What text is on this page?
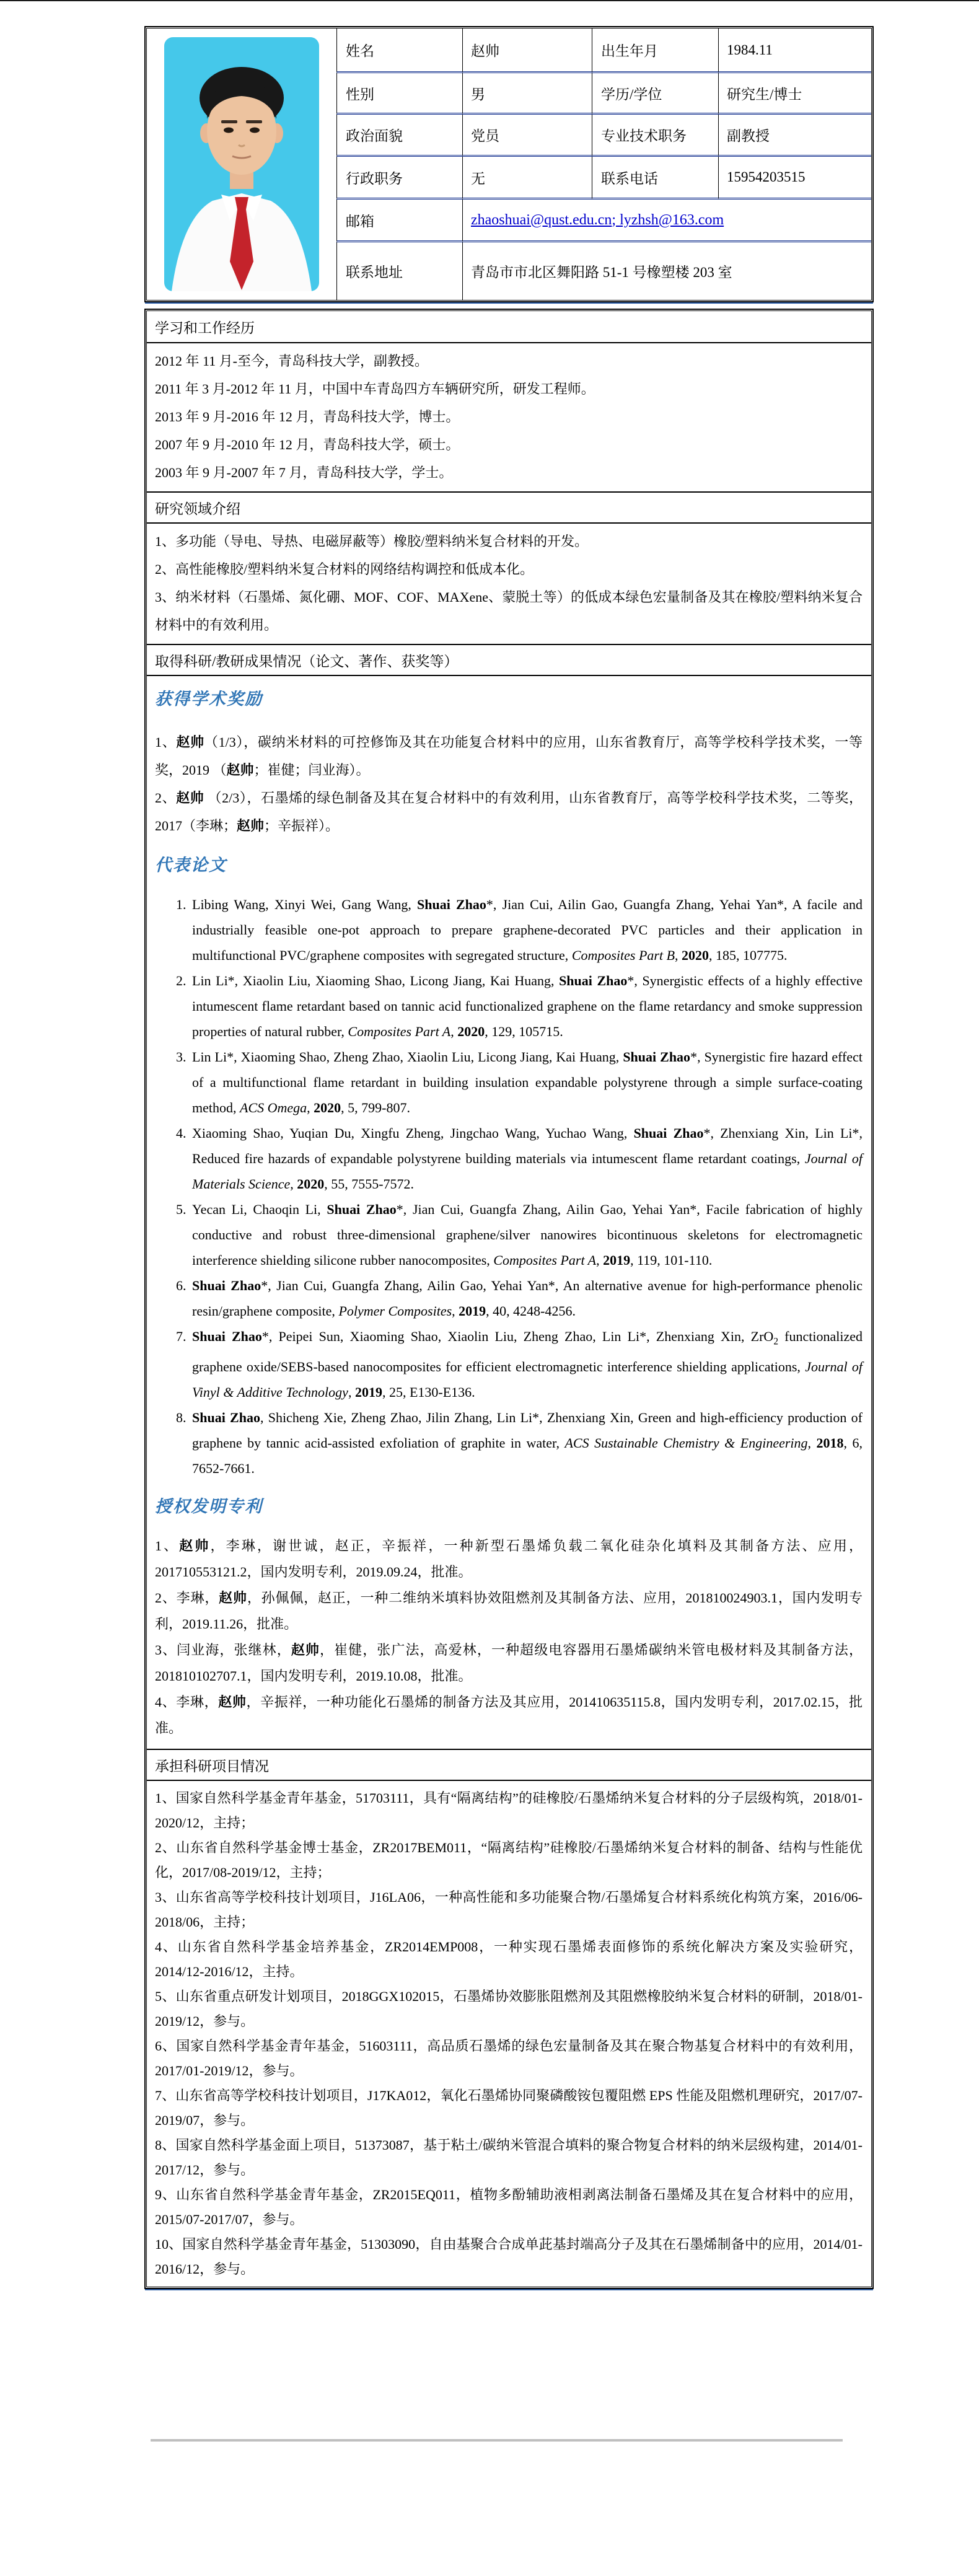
姓名	赵帅	出生年月	1984.11
性别	男	学历/学位	研究生/博士
政治面貌	党员	专业技术职务	副教授
行政职务	无	联系电话	15954203515
邮箱	zhaoshuai@qust.edu.cn ; lyzhsh@163.com
联系地址	青岛市市北区舞阳路 51-1 号橡塑楼 203 室
学习和工作经历
2012 年 11 月-至今，青岛科技大学，副教授。
2011 年 3 月-2012 年 11 月，中国中车青岛四方车辆研究所，研发工程师。
2013 年 9 月-2016 年 12 月，青岛科技大学，博士。
2007 年 9 月-2010 年 12 月，青岛科技大学，硕士。
2003 年 9 月-2007 年 7 月，青岛科技大学，学士。
研究领域介绍
1、多功能（导电、导热、电磁屏蔽等）橡胶/塑料纳米复合材料的开发。
2、高性能橡胶/塑料纳米复合材料的网络结构调控和低成本化。
3、纳米材料（石墨烯、氮化硼、MOF、COF、MAXene、蒙脱土等）的低成本绿色宏量制备及其在橡胶/塑料纳米复合材料中的有效利用。
取得科研/教研成果情况（论文、著作、获奖等）
获得学术奖励
1、赵帅（1/3），碳纳米材料的可控修饰及其在功能复合材料中的应用，山东省教育厅，高等学校科学技术奖，一等奖，2019 （赵帅；崔健；闫业海）。
2、赵帅 （2/3），石墨烯的绿色制备及其在复合材料中的有效利用，山东省教育厅，高等学校科学技术奖，二等奖，2017（李琳；赵帅；辛振祥）。
代表论文
1. Libing Wang, Xinyi Wei, Gang Wang, Shuai Zhao*, Jian Cui, Ailin Gao, Guangfa Zhang, Yehai Yan*, A facile and industrially feasible one-pot approach to prepare graphene-decorated PVC particles and their application in multifunctional PVC/graphene composites with segregated structure, Composites Part B, 2020, 185, 107775.
2. Lin Li*, Xiaolin Liu, Xiaoming Shao, Licong Jiang, Kai Huang, Shuai Zhao*, Synergistic effects of a highly effective intumescent flame retardant based on tannic acid functionalized graphene on the flame retardancy and smoke suppression properties of natural rubber, Composites Part A, 2020, 129, 105715.
3. Lin Li*, Xiaoming Shao, Zheng Zhao, Xiaolin Liu, Licong Jiang, Kai Huang, Shuai Zhao*, Synergistic fire hazard effect of a multifunctional flame retardant in building insulation expandable polystyrene through a simple surface-coating method, ACS Omega, 2020, 5, 799-807.
4. Xiaoming Shao, Yuqian Du, Xingfu Zheng, Jingchao Wang, Yuchao Wang, Shuai Zhao*, Zhenxiang Xin, Lin Li*, Reduced fire hazards of expandable polystyrene building materials via intumescent flame retardant coatings, Journal of Materials Science, 2020, 55, 7555-7572.
5. Yecan Li, Chaoqin Li, Shuai Zhao*, Jian Cui, Guangfa Zhang, Ailin Gao, Yehai Yan*, Facile fabrication of highly conductive and robust three-dimensional graphene/silver nanowires bicontinuous skeletons for electromagnetic interference shielding silicone rubber nanocomposites, Composites Part A, 2019, 119, 101-110.
6. Shuai Zhao*, Jian Cui, Guangfa Zhang, Ailin Gao, Yehai Yan*, An alternative avenue for high-performance phenolic resin/graphene composite, Polymer Composites, 2019, 40, 4248-4256.
7. Shuai Zhao*, Peipei Sun, Xiaoming Shao, Xiaolin Liu, Zheng Zhao, Lin Li*, Zhenxiang Xin, ZrO$_2$ functionalized graphene oxide/SEBS-based nanocomposites for efficient electromagnetic interference shielding applications, Journal of Vinyl & Additive Technology, 2019, 25, E130-E136.
8. Shuai Zhao, Shicheng Xie, Zheng Zhao, Jilin Zhang, Lin Li*, Zhenxiang Xin, Green and high-efficiency production of graphene by tannic acid-assisted exfoliation of graphite in water, ACS Sustainable Chemistry & Engineering, 2018, 6, 7652-7661.
授权发明专利
1、赵帅，李琳，谢世诚，赵正，辛振祥，一种新型石墨烯负载二氧化硅杂化填料及其制备方法、应用，201710553121.2，国内发明专利，2019.09.24，批准。
2、李琳，赵帅，孙佩佩，赵正，一种二维纳米填料协效阻燃剂及其制备方法、应用，201810024903.1，国内发明专利，2019.11.26，批准。
3、闫业海，张继林，赵帅，崔健，张广法，高爱林，一种超级电容器用石墨烯碳纳米管电极材料及其制备方法，201810102707.1，国内发明专利，2019.10.08，批准。
4、李琳，赵帅，辛振祥，一种功能化石墨烯的制备方法及其应用，201410635115.8，国内发明专利，2017.02.15，批准。
承担科研项目情况
1、国家自然科学基金青年基金，51703111，具有“隔离结构”的硅橡胶/石墨烯纳米复合材料的分子层级构筑，2018/01-2020/12，主持；
2、山东省自然科学基金博士基金，ZR2017BEM011，“隔离结构”硅橡胶/石墨烯纳米复合材料的制备、结构与性能优化，2017/08-2019/12，主持；
3、山东省高等学校科技计划项目，J16LA06，一种高性能和多功能聚合物/石墨烯复合材料系统化构筑方案，2016/06-2018/06，主持；
4、山东省自然科学基金培养基金，ZR2014EMP008，一种实现石墨烯表面修饰的系统化解决方案及实验研究，2014/12-2016/12，主持。
5、山东省重点研发计划项目，2018GGX102015，石墨烯协效膨胀阻燃剂及其阻燃橡胶纳米复合材料的研制，2018/01-2019/12，参与。
6、国家自然科学基金青年基金，51603111，高品质石墨烯的绿色宏量制备及其在聚合物基复合材料中的有效利用，2017/01-2019/12，参与。
7、山东省高等学校科技计划项目，J17KA012，氧化石墨烯协同聚磷酸铵包覆阻燃 EPS 性能及阻燃机理研究，2017/07-2019/07，参与。
8、国家自然科学基金面上项目，51373087，基于粘土/碳纳米管混合填料的聚合物复合材料的纳米层级构建，2014/01-2017/12，参与。
9、山东省自然科学基金青年基金，ZR2015EQ011，植物多酚辅助液相剥离法制备石墨烯及其在复合材料中的应用，2015/07-2017/07，参与。
10、国家自然科学基金青年基金，51303090，自由基聚合合成单茈基封端高分子及其在石墨烯制备中的应用，2014/01-2016/12，参与。
